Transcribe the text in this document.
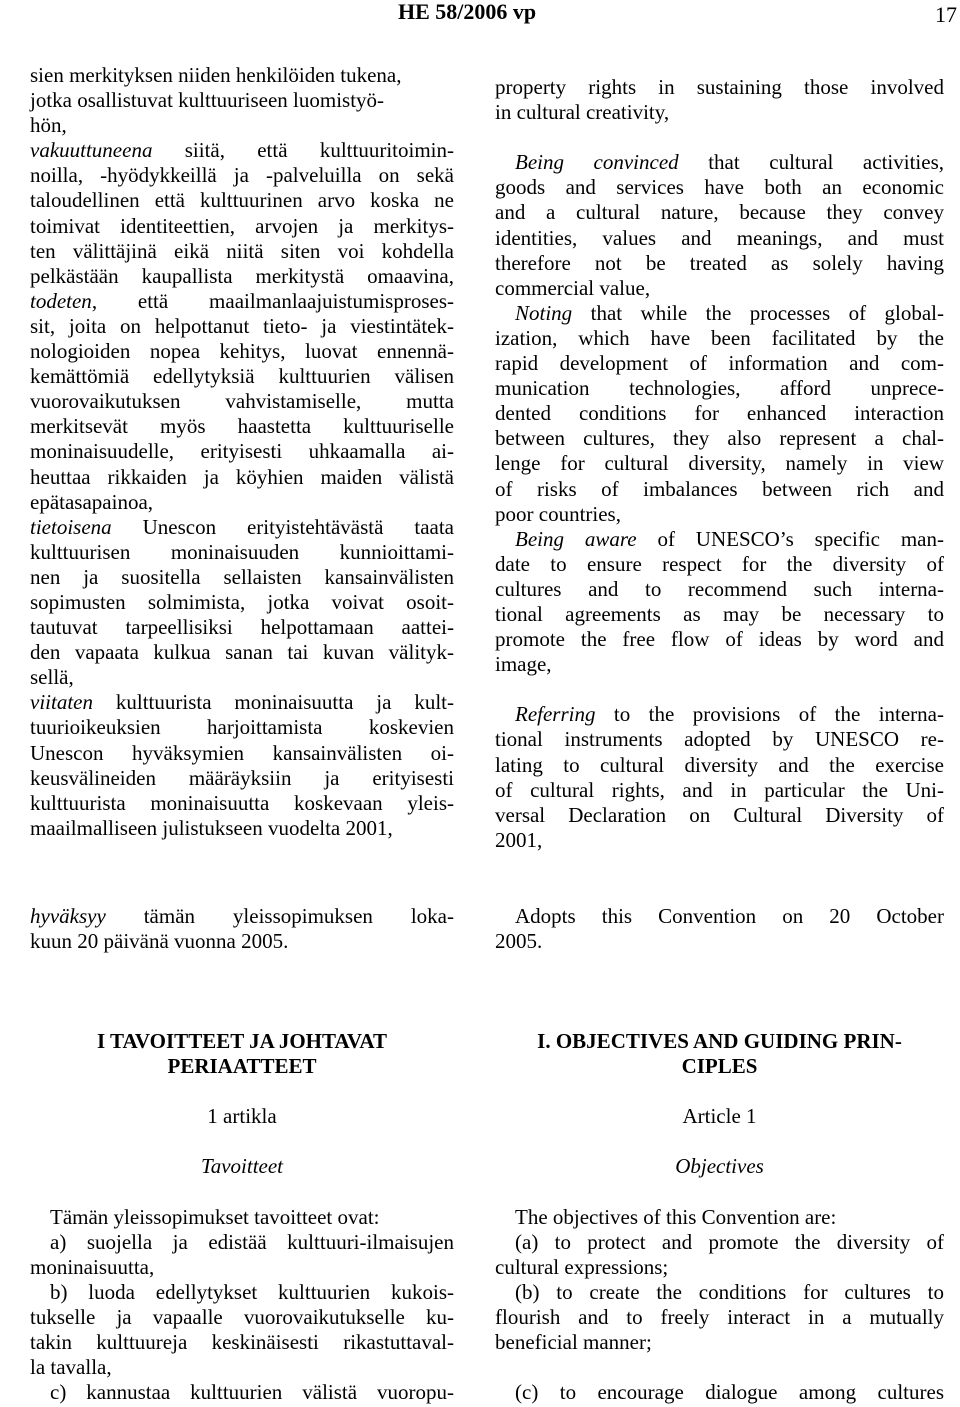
HE 58/2006 vp	17
sien merkityksen niiden henkilöiden tukena,
jotka osallistuvat kulttuuriseen luomistyö-
hön,
vakuuttuneena siitä, että kulttuuritoimin-
noilla, -hyödykkeillä ja -palveluilla on sekä
taloudellinen että kulttuurinen arvo koska ne
toimivat identiteettien, arvojen ja merkitys-
ten välittäjinä eikä niitä siten voi kohdella
pelkästään kaupallista merkitystä omaavina,
todeten, että maailmanlaajuistumisproses-
sit, joita on helpottanut tieto- ja viestintätek-
nologioiden nopea kehitys, luovat ennennä-
kemättömiä edellytyksiä kulttuurien välisen
vuorovaikutuksen vahvistamiselle, mutta
merkitsevät myös haastetta kulttuuriselle
moninaisuudelle, erityisesti uhkaamalla ai-
heuttaa rikkaiden ja köyhien maiden välistä
epätasapainoa,
tietoisena Unescon erityistehtävästä taata
kulttuurisen moninaisuuden kunnioittami-
nen ja suositella sellaisten kansainvälisten
sopimusten solmimista, jotka voivat osoit-
tautuvat tarpeellisiksi helpottamaan aattei-
den vapaata kulkua sanan tai kuvan välityk-
sellä,
viitaten kulttuurista moninaisuutta ja kult-
tuurioikeuksien harjoittamista koskevien
Unescon hyväksymien kansainvälisten oi-
keusvälineiden määräyksiin ja erityisesti
kulttuurista moninaisuutta koskevaan yleis-
maailmalliseen julistukseen vuodelta 2001,
hyväksyy tämän yleissopimuksen loka-
kuun 20 päivänä vuonna 2005.
I TAVOITTEET JA JOHTAVAT
PERIAATTEET
1 artikla
Tavoitteet
Tämän yleissopimukset tavoitteet ovat:
a) suojella ja edistää kulttuuri-ilmaisujen
moninaisuutta,
b) luoda edellytykset kulttuurien kukois-
tukselle ja vapaalle vuorovaikutukselle ku-
takin kulttuureja keskinäisesti rikastuttaval-
la tavalla,
c) kannustaa kulttuurien välistä vuoropu-
property rights in sustaining those involved
in cultural creativity,
Being convinced that cultural activities,
goods and services have both an economic
and a cultural nature, because they convey
identities, values and meanings, and must
therefore not be treated as solely having
commercial value,
Noting that while the processes of global-
ization, which have been facilitated by the
rapid development of information and com-
munication technologies, afford unprece-
dented conditions for enhanced interaction
between cultures, they also represent a chal-
lenge for cultural diversity, namely in view
of risks of imbalances between rich and
poor countries,
Being aware of UNESCO’s specific man-
date to ensure respect for the diversity of
cultures and to recommend such interna-
tional agreements as may be necessary to
promote the free flow of ideas by word and
image,
Referring to the provisions of the interna-
tional instruments adopted by UNESCO re-
lating to cultural diversity and the exercise
of cultural rights, and in particular the Uni-
versal Declaration on Cultural Diversity of
2001,
Adopts this Convention on 20 October
2005.
I. OBJECTIVES AND GUIDING PRIN-
CIPLES
Article 1
Objectives
The objectives of this Convention are:
(a) to protect and promote the diversity of
cultural expressions;
(b) to create the conditions for cultures to
flourish and to freely interact in a mutually
beneficial manner;
(c) to encourage dialogue among cultures
